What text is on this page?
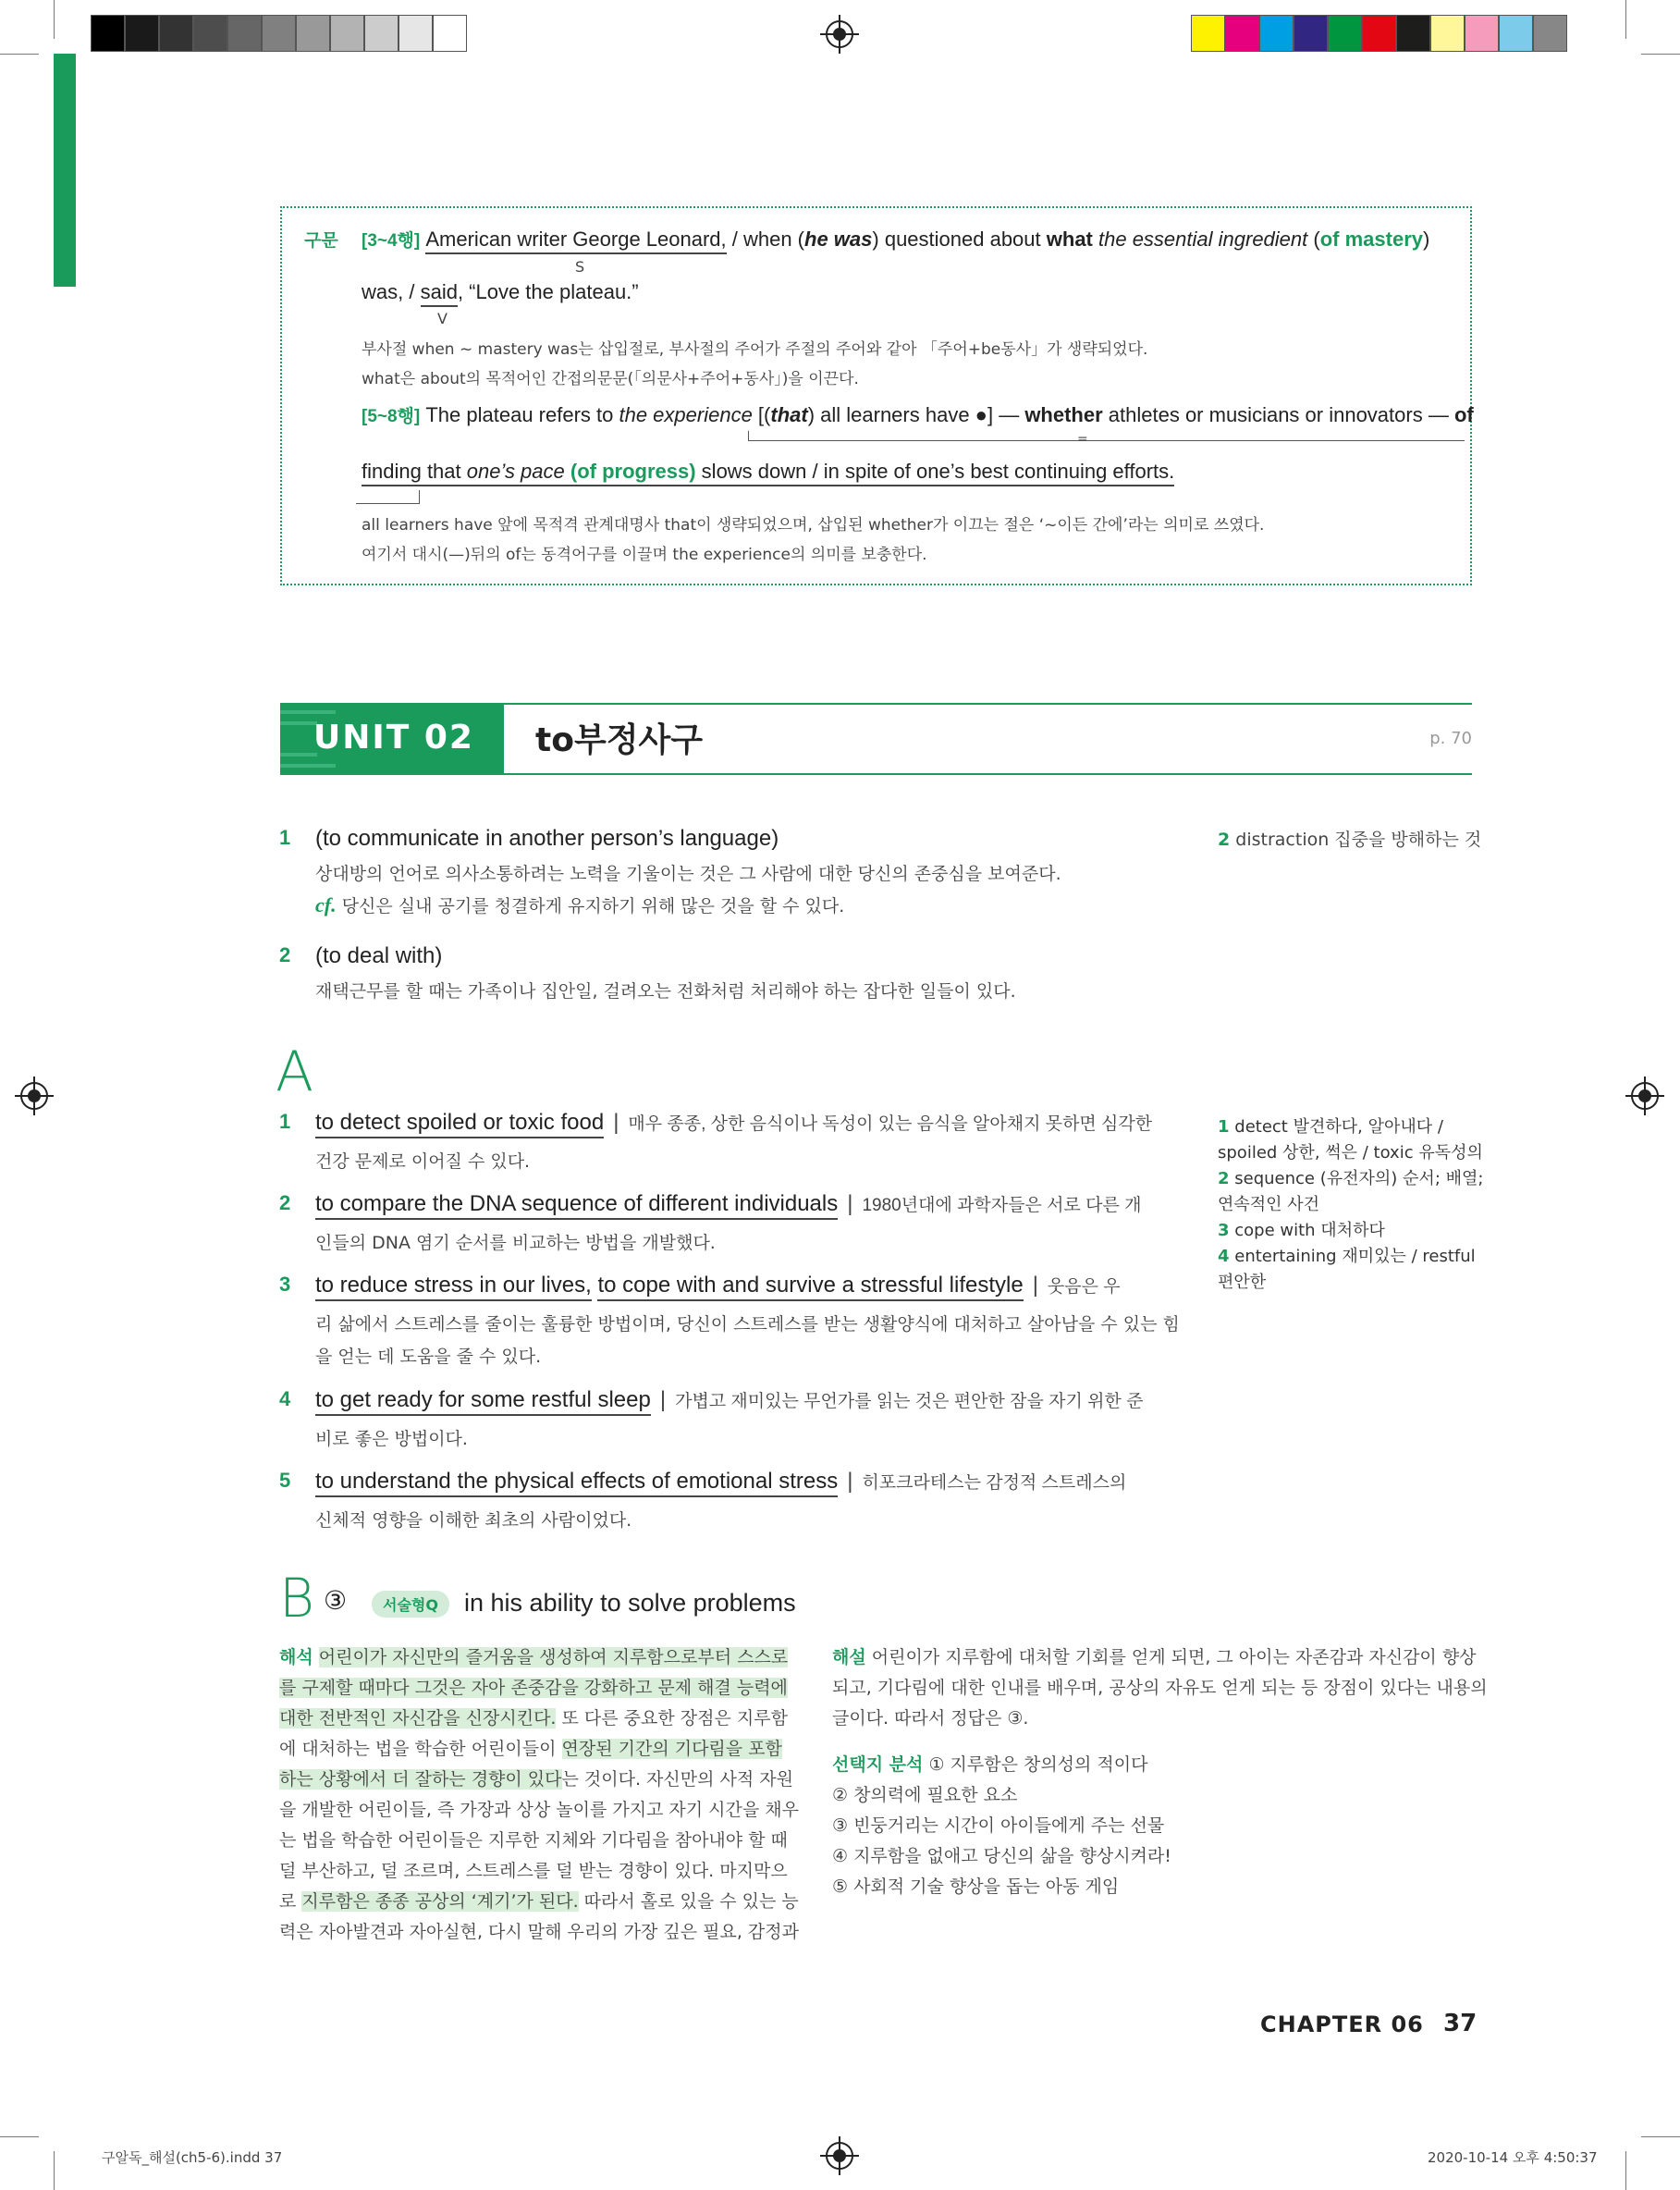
구문 [3~4행] American writer George Leonard, / when (he was) questioned about what the essential ingredient (of mastery)
S
was, / said, “Love the plateau.”
V
부사절 when ~ mastery was는 삽입절로, 부사절의 주어가 주절의 주어와 같아 「주어+be동사」가 생략되었다.
what은 about의 목적어인 간접의문문(「의문사+주어+동사」)을 이끈다.
[5~8행] The plateau refers to the experience [(that) all learners have ●] — whether athletes or musicians or innovators — of
=
finding that one’s pace (of progress) slows down / in spite of one’s best continuing efforts.
all learners have 앞에 목적격 관계대명사 that이 생략되었으며, 삽입된 whether가 이끄는 절은 ‘~이든 간에’라는 의미로 쓰였다.
여기서 대시(—)뒤의 of는 동격어구를 이끌며 the experience의 의미를 보충한다.
UNIT 02 to부정사구	p. 70
1 (to communicate in another person’s language)
상대방의 언어로 의사소통하려는 노력을 기울이는 것은 그 사람에 대한 당신의 존중심을 보여준다.
cf. 당신은 실내 공기를 청결하게 유지하기 위해 많은 것을 할 수 있다.
2 distraction 집중을 방해하는 것
2 (to deal with)
재택근무를 할 때는 가족이나 집안일, 걸려오는 전화처럼 처리해야 하는 잡다한 일들이 있다.
A
1 to detect spoiled or toxic food | 매우 종종, 상한 음식이나 독성이 있는 음식을 알아채지 못하면 심각한
건강 문제로 이어질 수 있다.
2 to compare the DNA sequence of different individuals | 1980년대에 과학자들은 서로 다른 개
인들의 DNA 염기 순서를 비교하는 방법을 개발했다.
3 to reduce stress in our lives, to cope with and survive a stressful lifestyle | 웃음은 우
리 삶에서 스트레스를 줄이는 훌륭한 방법이며, 당신이 스트레스를 받는 생활양식에 대처하고 살아남을 수 있는 힘
을 얻는 데 도움을 줄 수 있다.
4 to get ready for some restful sleep | 가볍고 재미있는 무언가를 읽는 것은 편안한 잠을 자기 위한 준
비로 좋은 방법이다.
5 to understand the physical effects of emotional stress | 히포크라테스는 감정적 스트레스의
신체적 영향을 이해한 최초의 사람이었다.
1 detect 발견하다, 알아내다 /
spoiled 상한, 썩은 / toxic 유독성의
2 sequence (유전자의) 순서; 배열;
연속적인 사건
3 cope with 대처하다
4 entertaining 재미있는 / restful
편안한
B ③	서술형Q	in his ability to solve problems
해석 어린이가 자신만의 즐거움을 생성하여 지루함으로부터 스스로
를 구제할 때마다 그것은 자아 존중감을 강화하고 문제 해결 능력에
대한 전반적인 자신감을 신장시킨다. 또 다른 중요한 장점은 지루함
에 대처하는 법을 학습한 어린이들이 연장된 기간의 기다림을 포함
하는 상황에서 더 잘하는 경향이 있다는 것이다. 자신만의 사적 자원
을 개발한 어린이들, 즉 가장과 상상 놀이를 가지고 자기 시간을 채우
는 법을 학습한 어린이들은 지루한 지체와 기다림을 참아내야 할 때
덜 부산하고, 덜 조르며, 스트레스를 덜 받는 경향이 있다. 마지막으
로 지루함은 종종 공상의 ‘계기’가 된다. 따라서 홀로 있을 수 있는 능
력은 자아발견과 자아실현, 다시 말해 우리의 가장 깊은 필요, 감정과
해설 어린이가 지루함에 대처할 기회를 얻게 되면, 그 아이는 자존감과 자신감이 향상
되고, 기다림에 대한 인내를 배우며, 공상의 자유도 얻게 되는 등 장점이 있다는 내용의
글이다. 따라서 정답은 ③.
선택지 분석 ① 지루함은 창의성의 적이다
② 창의력에 필요한 요소
③ 빈둥거리는 시간이 아이들에게 주는 선물
④ 지루함을 없애고 당신의 삶을 향상시켜라!
⑤ 사회적 기술 향상을 돕는 아동 게임
CHAPTER 06 37
구알독_해설(ch5-6).indd 37	2020-10-14 오후 4:50:37
